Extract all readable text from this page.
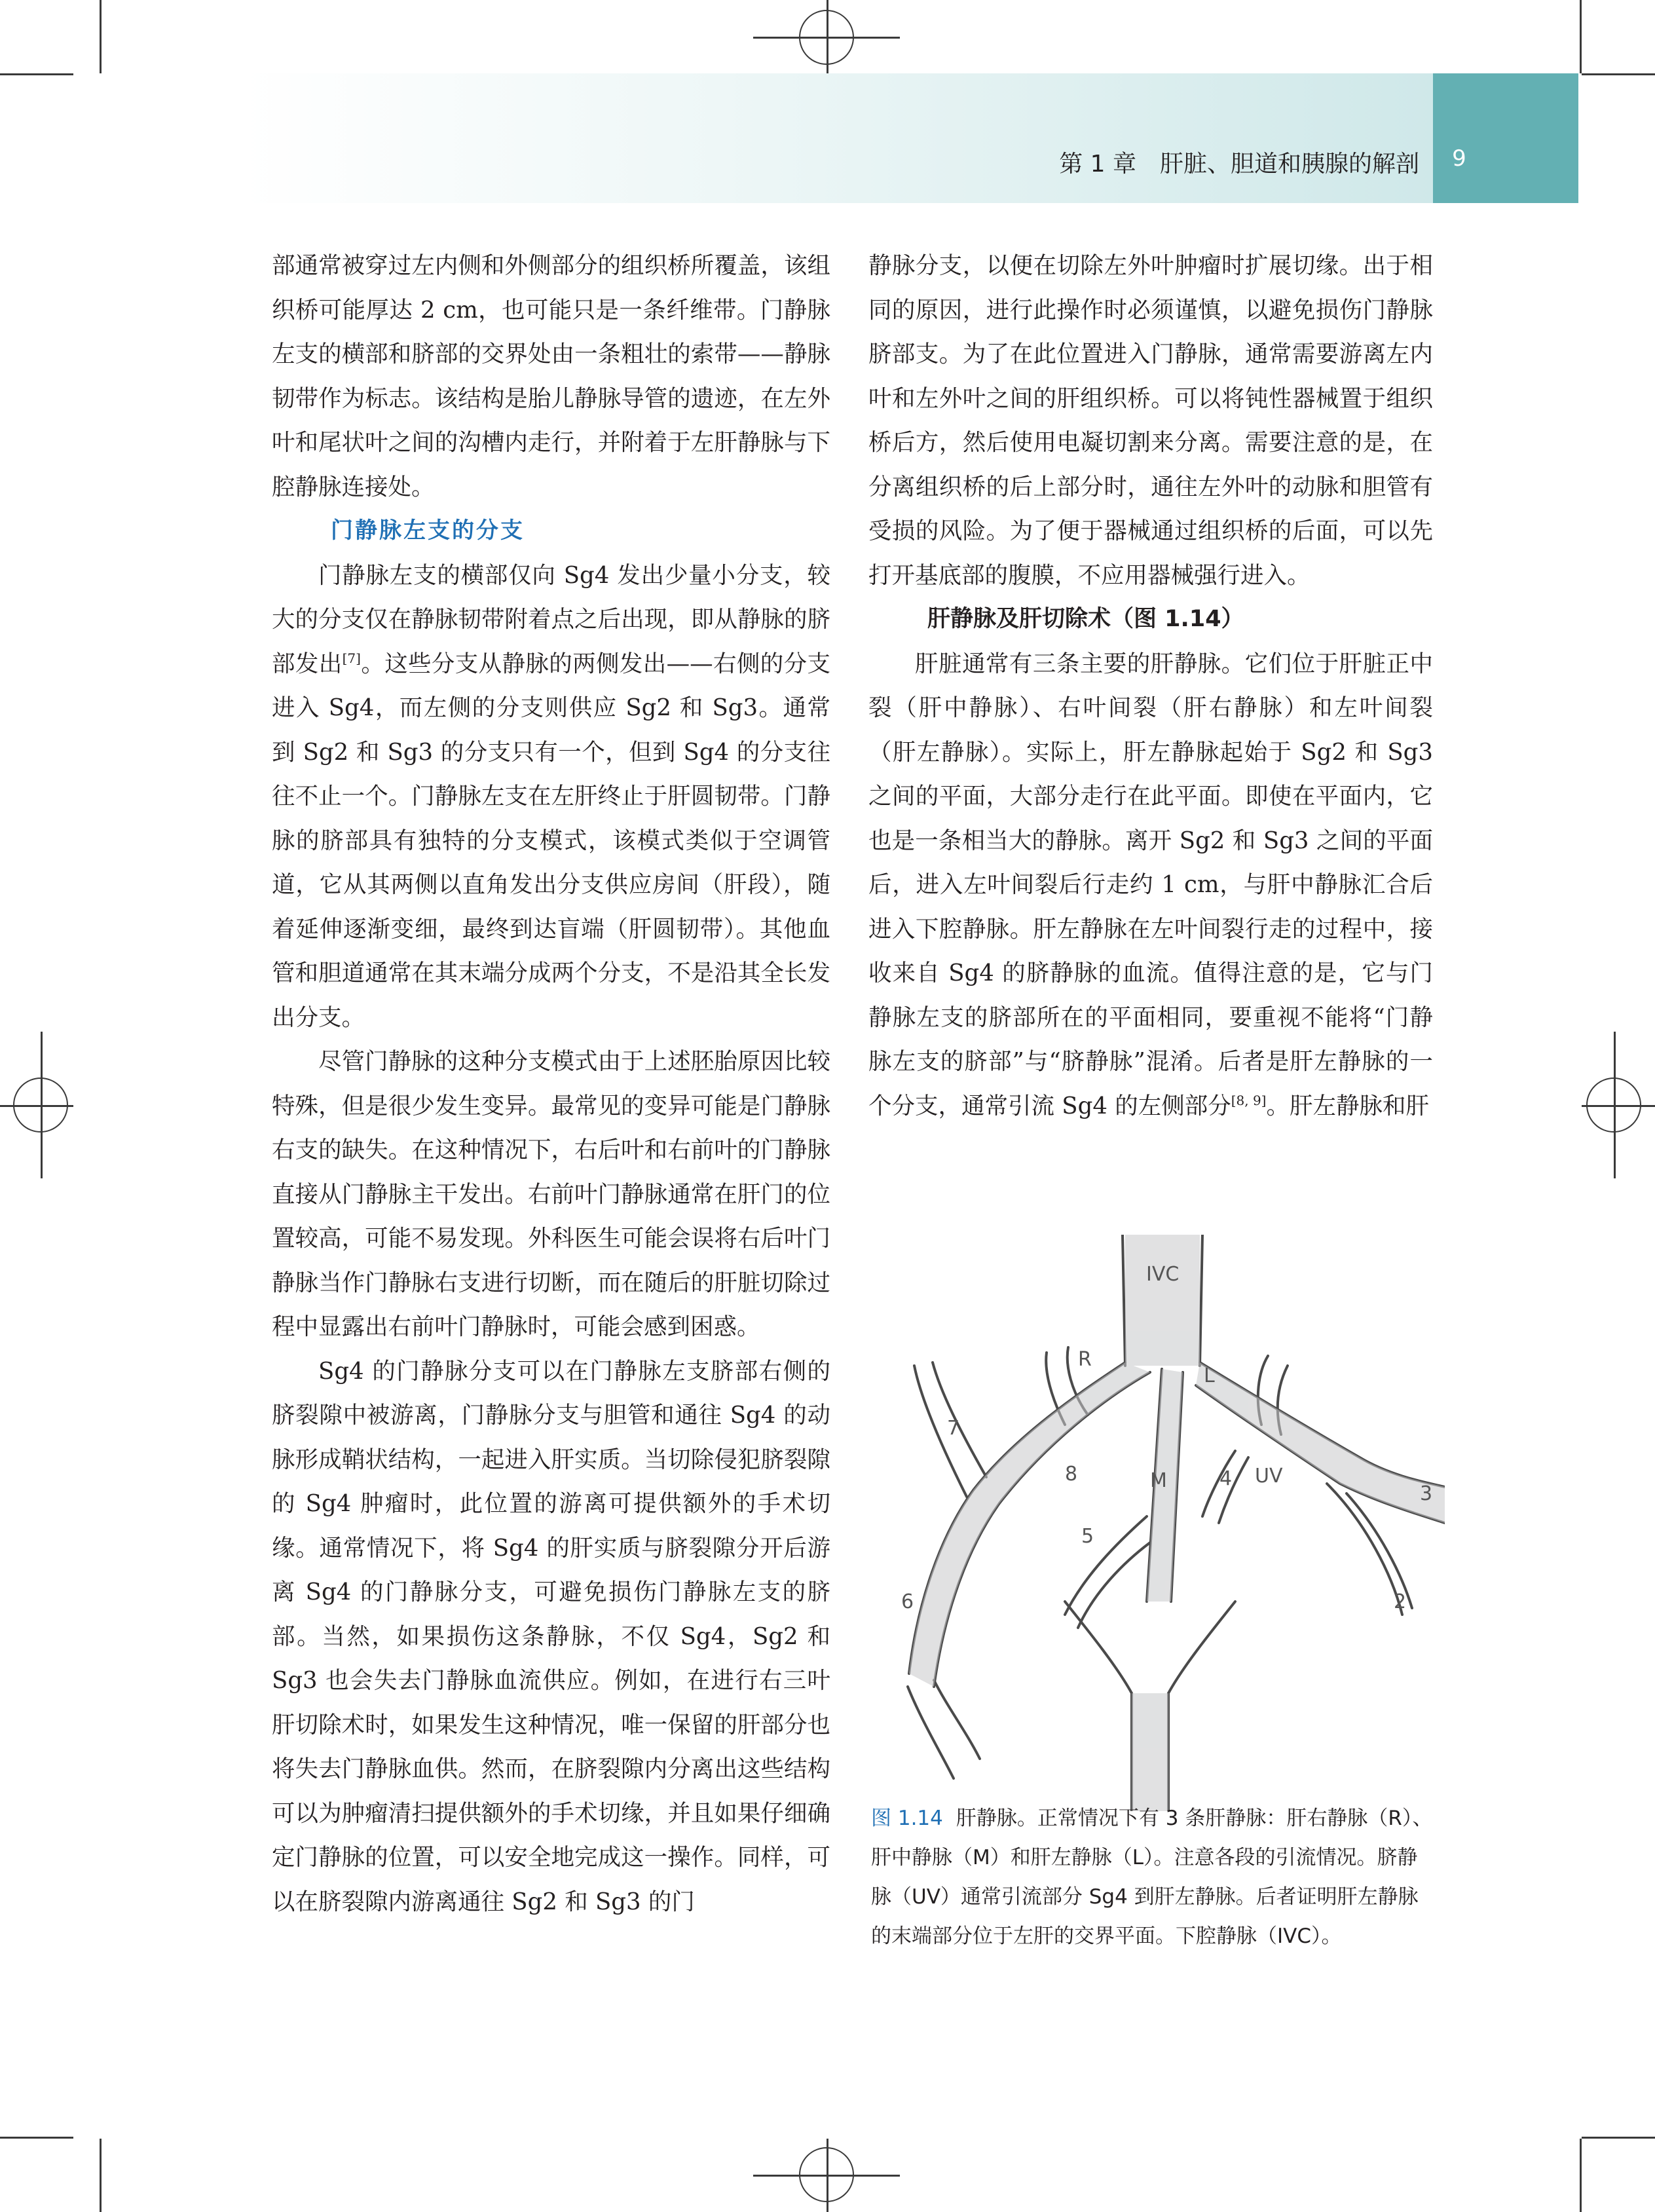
第 1 章　肝脏、胆道和胰腺的解剖	9

部通常被穿过左内侧和外侧部分的组织桥所覆盖，该组织桥可能厚达 2 cm，也可能只是一条纤维带。门静脉左支的横部和脐部的交界处由一条粗壮的索带——静脉韧带作为标志。该结构是胎儿静脉导管的遗迹，在左外叶和尾状叶之间的沟槽内走行，并附着于左肝静脉与下腔静脉连接处。

门静脉左支的分支

门静脉左支的横部仅向 Sg4 发出少量小分支，较大的分支仅在静脉韧带附着点之后出现，即从静脉的脐部发出[7]。这些分支从静脉的两侧发出——右侧的分支进入 Sg4，而左侧的分支则供应 Sg2 和 Sg3。通常到 Sg2 和 Sg3 的分支只有一个，但到 Sg4 的分支往往不止一个。门静脉左支在左肝终止于肝圆韧带。门静脉的脐部具有独特的分支模式，该模式类似于空调管道，它从其两侧以直角发出分支供应房间（肝段），随着延伸逐渐变细，最终到达盲端（肝圆韧带）。其他血管和胆道通常在其末端分成两个分支，不是沿其全长发出分支。

尽管门静脉的这种分支模式由于上述胚胎原因比较特殊，但是很少发生变异。最常见的变异可能是门静脉右支的缺失。在这种情况下，右后叶和右前叶的门静脉直接从门静脉主干发出。右前叶门静脉通常在肝门的位置较高，可能不易发现。外科医生可能会误将右后叶门静脉当作门静脉右支进行切断，而在随后的肝脏切除过程中显露出右前叶门静脉时，可能会感到困惑。

Sg4 的门静脉分支可以在门静脉左支脐部右侧的脐裂隙中被游离，门静脉分支与胆管和通往 Sg4 的动脉形成鞘状结构，一起进入肝实质。当切除侵犯脐裂隙的 Sg4 肿瘤时，此位置的游离可提供额外的手术切缘。通常情况下，将 Sg4 的肝实质与脐裂隙分开后游离 Sg4 的门静脉分支，可避免损伤门静脉左支的脐部。当然，如果损伤这条静脉，不仅 Sg4，Sg2 和 Sg3 也会失去门静脉血流供应。例如，在进行右三叶肝切除术时，如果发生这种情况，唯一保留的肝部分也将失去门静脉血供。然而，在脐裂隙内分离出这些结构可以为肿瘤清扫提供额外的手术切缘，并且如果仔细确定门静脉的位置，可以安全地完成这一操作。同样，可以在脐裂隙内游离通往 Sg2 和 Sg3 的门

静脉分支，以便在切除左外叶肿瘤时扩展切缘。出于相同的原因，进行此操作时必须谨慎，以避免损伤门静脉脐部支。为了在此位置进入门静脉，通常需要游离左内叶和左外叶之间的肝组织桥。可以将钝性器械置于组织桥后方，然后使用电凝切割来分离。需要注意的是，在分离组织桥的后上部分时，通往左外叶的动脉和胆管有受损的风险。为了便于器械通过组织桥的后面，可以先打开基底部的腹膜，不应用器械强行进入。

肝静脉及肝切除术（图 1.14）

肝脏通常有三条主要的肝静脉。它们位于肝脏正中裂（肝中静脉）、右叶间裂（肝右静脉）和左叶间裂（肝左静脉）。实际上，肝左静脉起始于 Sg2 和 Sg3 之间的平面，大部分走行在此平面。即使在平面内，它也是一条相当大的静脉。离开 Sg2 和 Sg3 之间的平面后，进入左叶间裂后行走约 1 cm，与肝中静脉汇合后进入下腔静脉。肝左静脉在左叶间裂行走的过程中，接收来自 Sg4 的脐静脉的血流。值得注意的是，它与门静脉左支的脐部所在的平面相同，要重视不能将“门静脉左支的脐部”与“脐静脉”混淆。后者是肝左静脉的一个分支，通常引流 Sg4 的左侧部分[8, 9]。肝左静脉和肝

IVC
R
L
M	UV
2
3
4
5
6
7
8
图 1.14 肝静脉。正常情况下有 3 条肝静脉：肝右静脉（R）、肝中静脉（M）和肝左静脉（L）。注意各段的引流情况。脐静脉（UV）通常引流部分 Sg4 到肝左静脉。后者证明肝左静脉的末端部分位于左肝的交界平面。下腔静脉（IVC）。
